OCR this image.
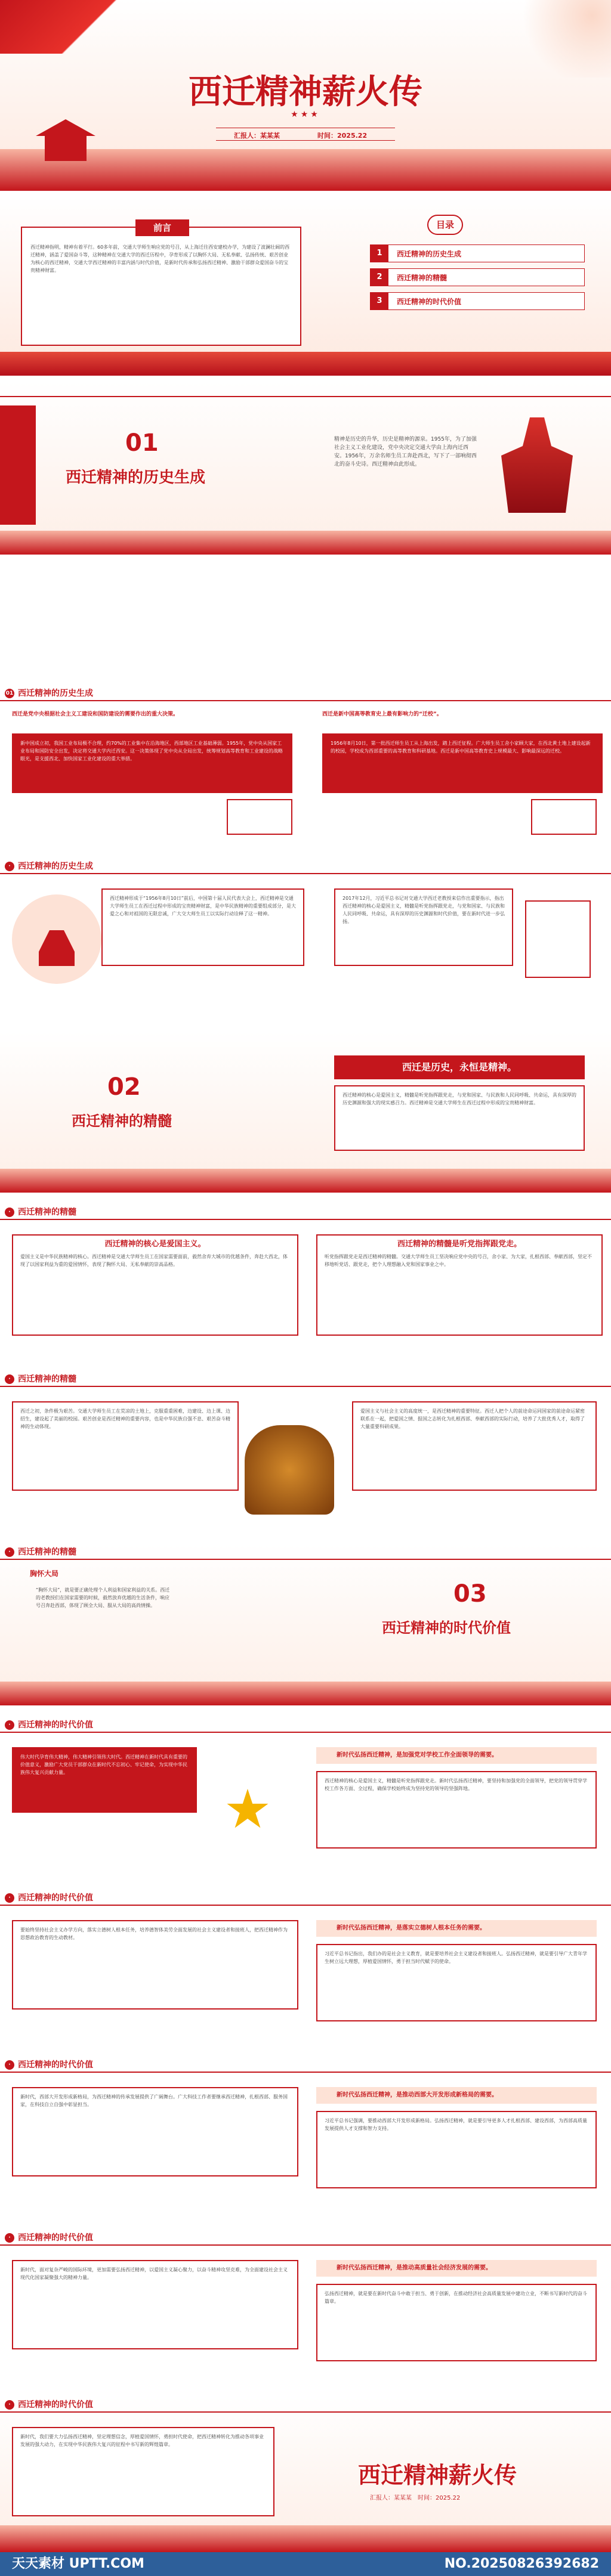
西迁精神薪火传
★★★
汇报人：某某某	时间：2025.22
前言
西迁精神指明，精神有着平行。60多年前，交通大学师生响应党的号召，从上海迁往西安建校办学，为建设了波澜壮阔的西迁精神，涵盖了爱国奋斗等，这种精神在交通大学的西迁历程中，孕育形成了以胸怀大局、无私奉献、弘扬传统、艰苦创业为核心的西迁精神，交通大学西迁精神的丰富内涵与时代价值，是新时代传承和弘扬西迁精神、激励干部群众爱国奋斗的宝贵精神财富。
目录
1	西迁精神的历史生成
2	西迁精神的精髓
3	西迁精神的时代价值
01
西迁精神的历史生成
精神是历史的升华，历史是精神的源泉。1955年，为了加强社会主义工业化建设，党中央决定交通大学由上海内迁西安。1956年，万余名师生员工奔赴西北，写下了一部响彻西北的奋斗史诗。西迁精神由此形成。
01 西迁精神的历史生成
西迁是党中央根据社会主义工建设和国防建设的需要作出的重大决策。
新中国成立初，我国工业布局极不合理，约70%的工业集中在沿海地区，西部地区工业基础薄弱。1955年，党中央从国家工业布局和国防安全出发，决定将交通大学内迁西安。这一决策体现了党中央从全局出发，统筹规划高等教育和工业建设的战略眼光，是支援西北、加快国家工业化建设的重大举措。
西迁是新中国高等教育史上最有影响力的“迁校”。
1956年8月10日，第一批西迁师生员工从上海出发，踏上西迁征程。广大师生员工舍小家顾大家，在西北黄土地上建设起新的校园，学校成为西部重要的高等教育和科研基地。西迁是新中国高等教育史上规模最大、影响最深远的迁校。
· 西迁精神的历史生成
西迁精神形成于“1956年8月10日”前后，中国第十届人民代表大会上，西迁精神是交通大学师生员工在西迁过程中形成的宝贵精神财富，是中华民族精神的重要组成部分，是大爱之心和对祖国的无限忠诚，广大交大师生员工以实际行动诠释了这一精神。
2017年12月，习近平总书记对交通大学西迁老教授来信作出重要指示，指出西迁精神的核心是爱国主义，精髓是听党指挥跟党走，与党和国家、与民族和人民同呼吸、共命运，具有深厚的历史渊源和时代价值，要在新时代进一步弘扬。
02
西迁精神的精髓
西迁是历史，永恒是精神。
西迁精神的核心是爱国主义，精髓是听党指挥跟党走，与党和国家、与民族和人民同呼吸、共命运，具有深厚的历史渊源和强大的现实感召力。西迁精神是交通大学师生在西迁过程中形成的宝贵精神财富。
· 西迁精神的精髓
西迁精神的核心是爱国主义。
爱国主义是中华民族精神的核心。西迁精神是交通大学师生员工在国家需要面前，毅然舍弃大城市的优越条件，奔赴大西北，体现了以国家利益为重的爱国情怀，表现了胸怀大局、无私奉献的崇高品格。
西迁精神的精髓是听党指挥跟党走。
听党指挥跟党走是西迁精神的精髓。交通大学师生员工坚决响应党中央的号召，舍小家、为大家，扎根西部、奉献西部，坚定不移地听党话、跟党走，把个人理想融入党和国家事业之中。
· 西迁精神的精髓
西迁之初，条件极为艰苦。交通大学师生员工在荒凉的土地上，克服重重困难，边建设、边上课、边招生，建设起了美丽的校园。艰苦创业是西迁精神的重要内容，也是中华民族自强不息、艰苦奋斗精神的生动体现。
爱国主义与社会主义的高度统一，是西迁精神的重要特征。西迁人把个人的前途命运同国家的前途命运紧密联系在一起，把爱国之情、报国之志转化为扎根西部、奉献西部的实际行动，培养了大批优秀人才，取得了大量重要科研成果。
· 西迁精神的精髓
胸怀大局
“胸怀大局”，就是要正确处理个人利益和国家利益的关系。西迁的老教授们在国家需要的时候，毅然放弃优越的生活条件，响应号召奔赴西部，体现了顾全大局、服从大局的高尚情操。	03
西迁精神的时代价值
· 西迁精神的时代价值
伟大时代孕育伟大精神，伟大精神引领伟大时代。西迁精神在新时代具有重要的价值意义，激励广大党员干部群众在新时代不忘初心、牢记使命，为实现中华民族伟大复兴贡献力量。
★
新时代弘扬西迁精神，是加强党对学校工作全面领导的需要。
西迁精神的核心是爱国主义，精髓是听党指挥跟党走。新时代弘扬西迁精神，要坚持和加强党的全面领导，把党的领导贯穿学校工作各方面、全过程，确保学校始终成为坚持党的领导的坚强阵地。
· 西迁精神的时代价值
要始终坚持社会主义办学方向，落实立德树人根本任务，培养德智体美劳全面发展的社会主义建设者和接班人，把西迁精神作为思想政治教育的生动教材。
新时代弘扬西迁精神，是落实立德树人根本任务的需要。
习近平总书记指出，我们办的是社会主义教育，就是要培养社会主义建设者和接班人。弘扬西迁精神，就是要引导广大青年学生树立远大理想，厚植爱国情怀，勇于担当时代赋予的使命。
· 西迁精神的时代价值
新时代，西部大开发形成新格局，为西迁精神的传承发展提供了广阔舞台。广大科技工作者要继承西迁精神，扎根西部、服务国家，在科技自立自强中彰显担当。
新时代弘扬西迁精神，是推动西部大开发形成新格局的需要。
习近平总书记强调，要推动西部大开发形成新格局。弘扬西迁精神，就是要引导更多人才扎根西部、建设西部，为西部高质量发展提供人才支撑和智力支持。
· 西迁精神的时代价值
新时代，面对复杂严峻的国际环境，更加需要弘扬西迁精神，以爱国主义凝心聚力，以奋斗精神攻坚克难，为全面建设社会主义现代化国家凝聚强大的精神力量。
新时代弘扬西迁精神，是推动高质量社会经济发展的需要。
弘扬西迁精神，就是要在新时代奋斗中敢于担当、勇于创新，在推动经济社会高质量发展中建功立业，不断书写新时代的奋斗篇章。
· 西迁精神的时代价值
新时代，我们要大力弘扬西迁精神，坚定理想信念，厚植爱国情怀，勇担时代使命，把西迁精神转化为推动各项事业发展的强大动力，在实现中华民族伟大复兴的征程中书写新的辉煌篇章。
西迁精神薪火传
汇报人：某某某　时间：2025.22
天天素材 UPTT.COM	NO.20250826392682
